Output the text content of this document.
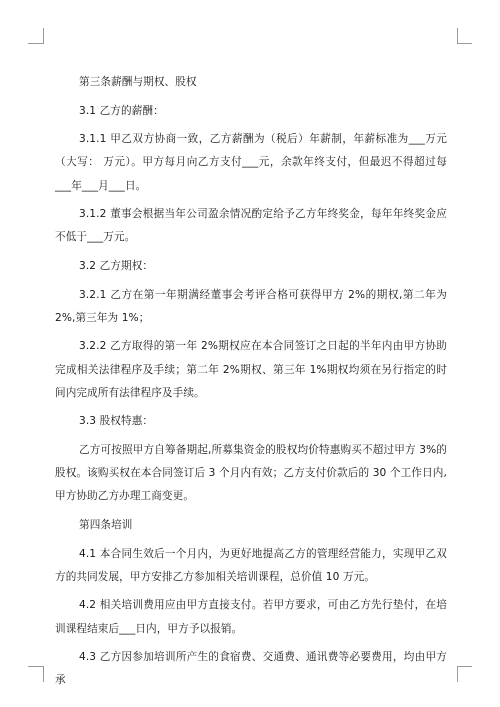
第三条薪酬与期权、股权

3.1 乙方的薪酬：

3.1.1 甲乙双方协商一致，乙方薪酬为（税后）年薪制，年薪标准为___万元（大写： 万元）。甲方每月向乙方支付___元，余款年终支付，但最迟不得超过每___年___月___日。

3.1.2 董事会根据当年公司盈余情况酌定给予乙方年终奖金，每年年终奖金应不低于___万元。

3.2 乙方期权：

3.2.1 乙方在第一年期满经董事会考评合格可获得甲方 2%的期权,第二年为 2%,第三年为 1%；

3.2.2 乙方取得的第一年 2%期权应在本合同签订之日起的半年内由甲方协助完成相关法律程序及手续；第二年 2%期权、第三年 1%期权均须在另行指定的时间内完成所有法律程序及手续。

3.3 股权特惠：

乙方可按照甲方自筹备期起,所募集资金的股权均价特惠购买不超过甲方 3%的股权。该购买权在本合同签订后 3 个月内有效；乙方支付价款后的 30 个工作日内,甲方协助乙方办理工商变更。

第四条培训

4.1 本合同生效后一个月内，为更好地提高乙方的管理经营能力，实现甲乙双方的共同发展，甲方安排乙方参加相关培训课程，总价值 10 万元。

4.2 相关培训费用应由甲方直接支付。若甲方要求，可由乙方先行垫付，在培训课程结束后___日内，甲方予以报销。

4.3 乙方因参加培训所产生的食宿费、交通费、通讯费等必要费用，均由甲方承
